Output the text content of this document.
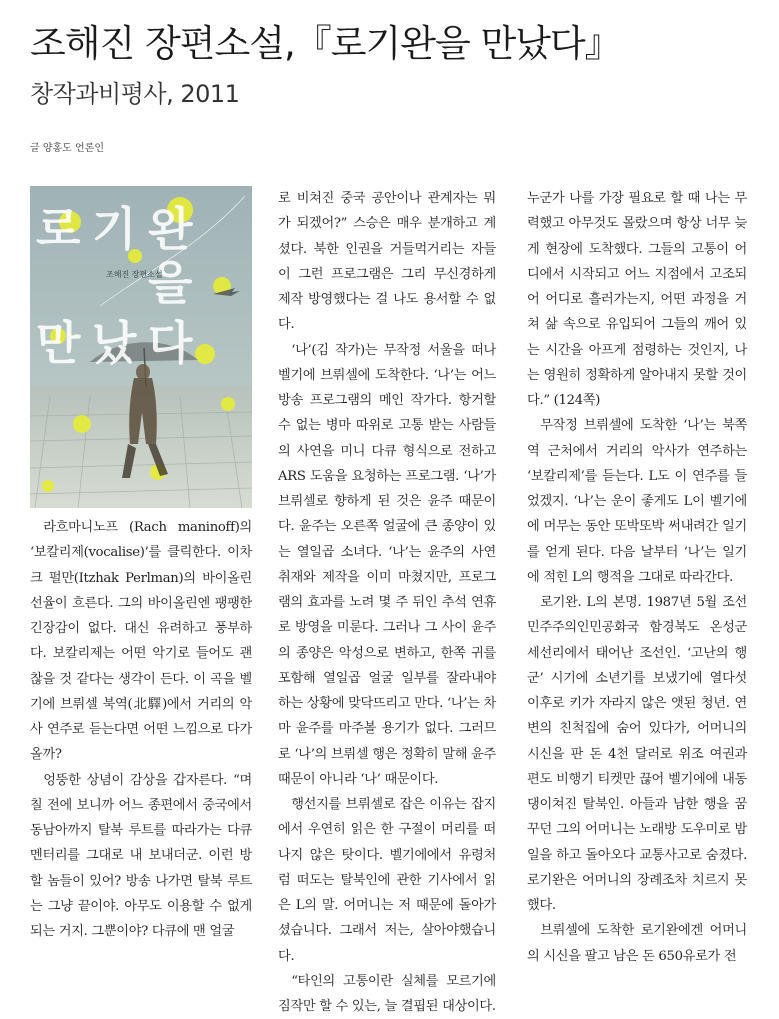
조해진 장편소설,『로기완을 만났다』
창작과비평사, 2011
글 양홍도 언론인
로 기 완
을
만 났 다
조해진 장편소설

라흐마니노프 (Rach maninoff)의 ‘보칼리제(vocalise)’를 클릭한다. 이차크 펄만(Itzhak Perlman)의 바이올린 선율이 흐른다. 그의 바이올린엔 팽팽한 긴장감이 없다. 대신 유려하고 풍부하다. 보칼리제는 어떤 악기로 들어도 괜찮을 것 같다는 생각이 든다. 이 곡을 벨기에 브뤼셀 북역(北驛)에서 거리의 악사 연주로 듣는다면 어떤 느낌으로 다가올까?

엉뚱한 상념이 감상을 갑자른다. “며칠 전에 보니까 어느 종편에서 중국에서 동남아까지 탈북 루트를 따라가는 다큐멘터리를 그대로 내 보내더군. 이런 방할 놈들이 있어? 방송 나가면 탈북 루트는 그냥 끝이야. 아무도 이용할 수 없게 되는 거지. 그뿐이야? 다큐에 맨 얼굴

로 비쳐진 중국 공안이나 관계자는 뭐가 되겠어?” 스승은 매우 분개하고 계셨다. 북한 인권을 거들먹거리는 자들이 그런 프로그램은 그리 무신경하게 제작 방영했다는 걸 나도 용서할 수 없다.

‘나’(김 작가)는 무작정 서울을 떠나 벨기에 브뤼셀에 도착한다. ‘나’는 어느 방송 프로그램의 메인 작가다. 항거할 수 없는 병마 따위로 고통 받는 사람들의 사연을 미니 다큐 형식으로 전하고 ARS 도움을 요청하는 프로그램. ‘나’가 브뤼셀로 향하게 된 것은 윤주 때문이다. 윤주는 오른쪽 얼굴에 큰 종양이 있는 열일곱 소녀다. ‘나’는 윤주의 사연 취재와 제작을 이미 마쳤지만, 프로그램의 효과를 노려 몇 주 뒤인 추석 연휴로 방영을 미룬다. 그러나 그 사이 윤주의 종양은 악성으로 변하고, 한쪽 귀를 포함해 열일곱 얼굴 일부를 잘라내야 하는 상황에 맞닥뜨리고 만다. ‘나’는 차마 윤주를 마주볼 용기가 없다. 그러므로 ‘나’의 브뤼셀 행은 정확히 말해 윤주 때문이 아니라 ‘나’ 때문이다.

행선지를 브뤼셀로 잡은 이유는 잡지에서 우연히 읽은 한 구절이 머리를 떠나지 않은 탓이다. 벨기에에서 유령처럼 떠도는 탈북인에 관한 기사에서 읽은 L의 말. 어머니는 저 때문에 돌아가셨습니다. 그래서 저는, 살아야했습니다.

“타인의 고통이란 실체를 모르기에 짐작만 할 수 있는, 늘 결핍된 대상이다.

누군가 나를 가장 필요로 할 때 나는 무력했고 아무것도 몰랐으며 항상 너무 늦게 현장에 도착했다. 그들의 고통이 어디에서 시작되고 어느 지점에서 고조되어 어디로 흘러가는지, 어떤 과정을 거쳐 삶 속으로 유입되어 그들의 깨어 있는 시간을 아프게 점령하는 것인지, 나는 영원히 정확하게 알아내지 못할 것이다.” (124쪽)

무작정 브뤼셀에 도착한 ‘나’는 북쪽역 근처에서 거리의 악사가 연주하는 ‘보칼리제’를 듣는다. L도 이 연주를 들었겠지. ‘나’는 운이 좋게도 L이 벨기에에 머무는 동안 또박또박 써내려간 일기를 얻게 된다. 다음 날부터 ‘나’는 일기에 적힌 L의 행적을 그대로 따라간다.

로기완. L의 본명. 1987년 5월 조선민주주의인민공화국 함경북도 온성군 세선리에서 태어난 조선인. ‘고난의 행군’ 시기에 소년기를 보냈기에 열다섯 이후로 키가 자라지 않은 앳된 청년. 연변의 친척집에 숨어 있다가, 어머니의 시신을 판 돈 4천 달러로 위조 여권과 편도 비행기 티켓만 끊어 벨기에에 내동댕이쳐진 탈북인. 아들과 남한 행을 꿈꾸던 그의 어머니는 노래방 도우미로 밤일을 하고 돌아오다 교통사고로 숨졌다. 로기완은 어머니의 장례조차 치르지 못했다.

브뤼셀에 도착한 로기완에겐 어머니의 시신을 팔고 남은 돈 650유로가 전
